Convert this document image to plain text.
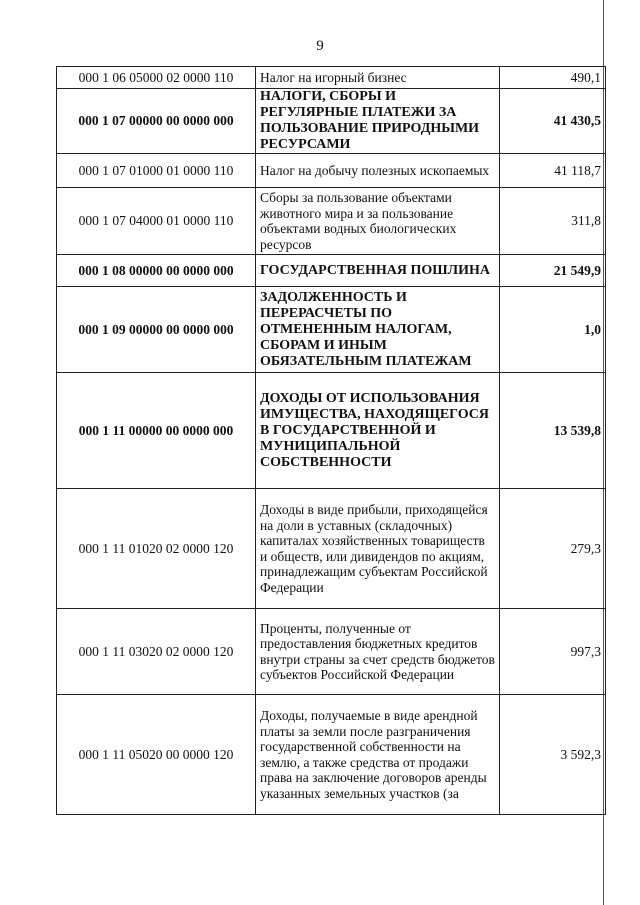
9
000 1 06 05000 02 0000 110	Налог на игорный бизнес	490,1
000 1 07 00000 00 0000 000	НАЛОГИ, СБОРЫ И РЕГУЛЯРНЫЕ ПЛАТЕЖИ ЗА ПОЛЬЗОВАНИЕ ПРИРОДНЫМИ РЕСУРСАМИ	41 430,5
000 1 07 01000 01 0000 110	Налог на добычу полезных ископаемых	41 118,7
000 1 07 04000 01 0000 110	Сборы за пользование объектами животного мира и за пользование объектами водных биологических ресурсов	311,8
000 1 08 00000 00 0000 000	ГОСУДАРСТВЕННАЯ ПОШЛИНА	21 549,9
000 1 09 00000 00 0000 000	ЗАДОЛЖЕННОСТЬ И ПЕРЕРАСЧЕТЫ ПО ОТМЕНЕННЫМ НАЛОГАМ, СБОРАМ И ИНЫМ ОБЯЗАТЕЛЬНЫМ ПЛАТЕЖАМ	1,0
000 1 11 00000 00 0000 000	ДОХОДЫ ОТ ИСПОЛЬЗОВАНИЯ ИМУЩЕСТВА, НАХОДЯЩЕГОСЯ В ГОСУДАРСТВЕННОЙ И МУНИЦИПАЛЬНОЙ СОБСТВЕННОСТИ	13 539,8
000 1 11 01020 02 0000 120	Доходы в виде прибыли, приходящейся на доли в уставных (складочных) капиталах хозяйственных товариществ и обществ, или дивидендов по акциям, принадлежащим субъектам Российской Федерации	279,3
000 1 11 03020 02 0000 120	Проценты, полученные от предоставления бюджетных кредитов внутри страны за счет средств бюджетов субъектов Российской Федерации	997,3
000 1 11 05020 00 0000 120	Доходы, получаемые в виде арендной платы за земли после разграничения государственной собственности на землю, а также средства от продажи права на заключение договоров аренды указанных земельных участков (за	3 592,3
